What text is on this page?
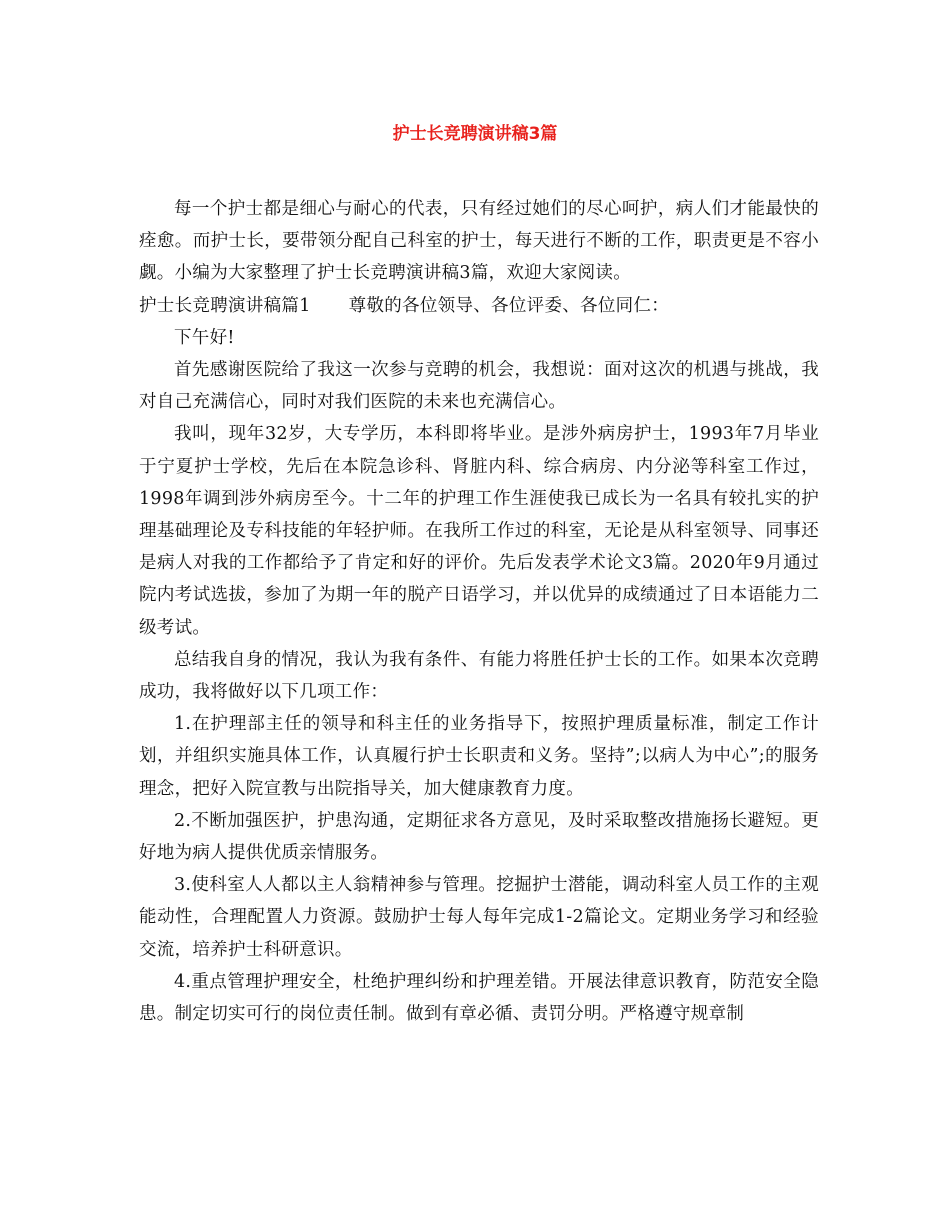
护士长竞聘演讲稿3篇

每一个护士都是细心与耐心的代表，只有经过她们的尽心呵护，病人们才能最快的痊愈。而护士长，要带领分配自己科室的护士，每天进行不断的工作，职责更是不容小觑。小编为大家整理了护士长竞聘演讲稿3篇，欢迎大家阅读。

护士长竞聘演讲稿篇1 尊敬的各位领导、各位评委、各位同仁：

下午好!

首先感谢医院给了我这一次参与竞聘的机会，我想说：面对这次的机遇与挑战，我对自己充满信心，同时对我们医院的未来也充满信心。

我叫，现年32岁，大专学历，本科即将毕业。是涉外病房护士，1993年7月毕业于宁夏护士学校，先后在本院急诊科、肾脏内科、综合病房、内分泌等科室工作过，1998年调到涉外病房至今。十二年的护理工作生涯使我已成长为一名具有较扎实的护理基础理论及专科技能的年轻护师。在我所工作过的科室，无论是从科室领导、同事还是病人对我的工作都给予了肯定和好的评价。先后发表学术论文3篇。2020年9月通过院内考试选拔，参加了为期一年的脱产日语学习，并以优异的成绩通过了日本语能力二级考试。

总结我自身的情况，我认为我有条件、有能力将胜任护士长的工作。如果本次竞聘成功，我将做好以下几项工作：

1.在护理部主任的领导和科主任的业务指导下，按照护理质量标准，制定工作计划，并组织实施具体工作，认真履行护士长职责和义务。坚持”;以病人为中心”;的服务理念，把好入院宣教与出院指导关，加大健康教育力度。

2.不断加强医护，护患沟通，定期征求各方意见，及时采取整改措施扬长避短。更好地为病人提供优质亲情服务。

3.使科室人人都以主人翁精神参与管理。挖掘护士潜能，调动科室人员工作的主观能动性，合理配置人力资源。鼓励护士每人每年完成1-2篇论文。定期业务学习和经验交流，培养护士科研意识。

4.重点管理护理安全，杜绝护理纠纷和护理差错。开展法律意识教育，防范安全隐患。制定切实可行的岗位责任制。做到有章必循、责罚分明。严格遵守规章制
